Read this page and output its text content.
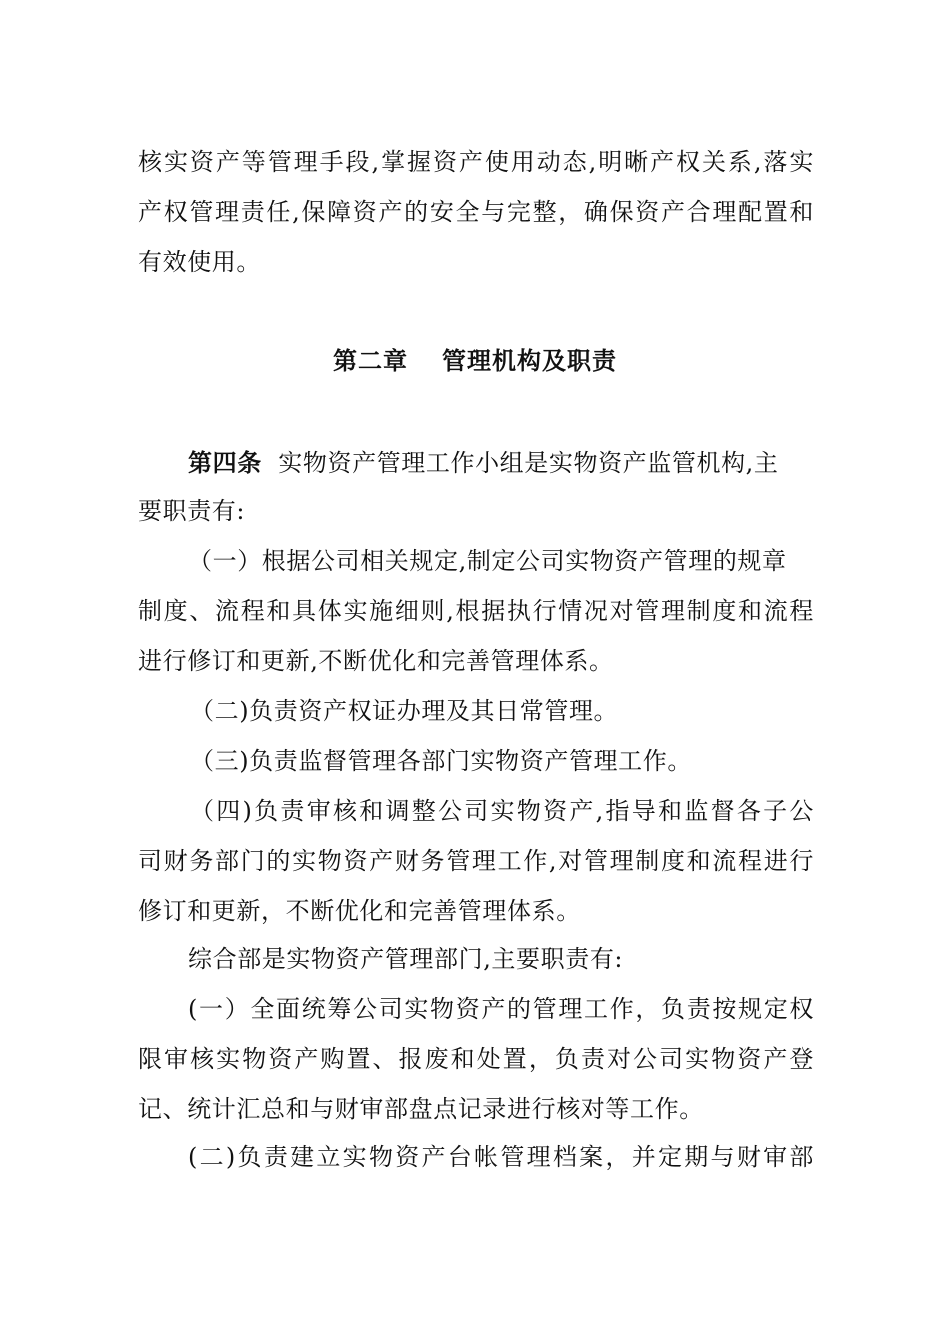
核实资产等管理手段,掌握资产使用动态,明晰产权关系,落实
产权管理责任,保障资产的安全与完整，确保资产合理配置和
有效使用。
第二章 管理机构及职责
第四条 实物资产管理工作小组是实物资产监管机构,主
要职责有:
（一）根据公司相关规定,制定公司实物资产管理的规章
制度、流程和具体实施细则,根据执行情况对管理制度和流程
进行修订和更新,不断优化和完善管理体系。
（二)负责资产权证办理及其日常管理。
（三)负责监督管理各部门实物资产管理工作。
（四)负责审核和调整公司实物资产,指导和监督各子公
司财务部门的实物资产财务管理工作,对管理制度和流程进行
修订和更新，不断优化和完善管理体系。
综合部是实物资产管理部门,主要职责有:
(一）全面统筹公司实物资产的管理工作，负责按规定权
限审核实物资产购置、报废和处置，负责对公司实物资产登
记、统计汇总和与财审部盘点记录进行核对等工作。
(二)负责建立实物资产台帐管理档案，并定期与财审部
